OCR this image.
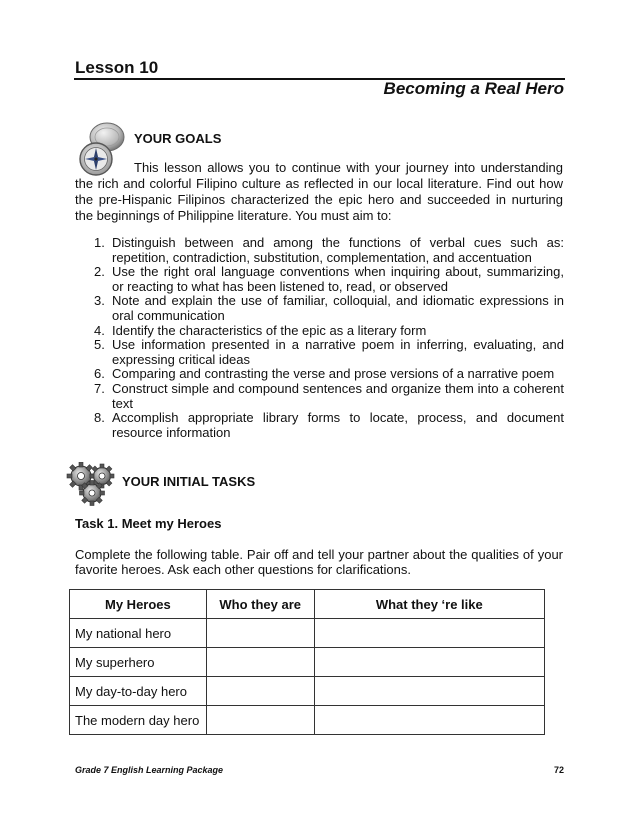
Lesson 10
Becoming a Real Hero
YOUR GOALS
This lesson allows you to continue with your journey into understanding the rich and colorful Filipino culture as reflected in our local literature. Find out how the pre-Hispanic Filipinos characterized the epic hero and succeeded in nurturing the beginnings of Philippine literature. You must aim to:
1. Distinguish between and among the functions of verbal cues such as: repetition, contradiction, substitution, complementation, and accentuation
2. Use the right oral language conventions when inquiring about, summarizing, or reacting to what has been listened to, read, or observed
3. Note and explain the use of familiar, colloquial, and idiomatic expressions in oral communication
4. Identify the characteristics of the epic as a literary form
5. Use information presented in a narrative poem in inferring, evaluating, and expressing critical ideas
6. Comparing and contrasting the verse and prose versions of a narrative poem
7. Construct simple and compound sentences and organize them into a coherent text
8. Accomplish appropriate library forms to locate, process, and document resource information
YOUR INITIAL TASKS
Task 1. Meet my Heroes
Complete the following table. Pair off and tell your partner about the qualities of your favorite heroes. Ask each other questions for clarifications.
My Heroes	Who they are	What they ‘re like
My national hero		
My superhero		
My day-to-day hero		
The modern day hero		
Grade 7 English Learning Package	72
